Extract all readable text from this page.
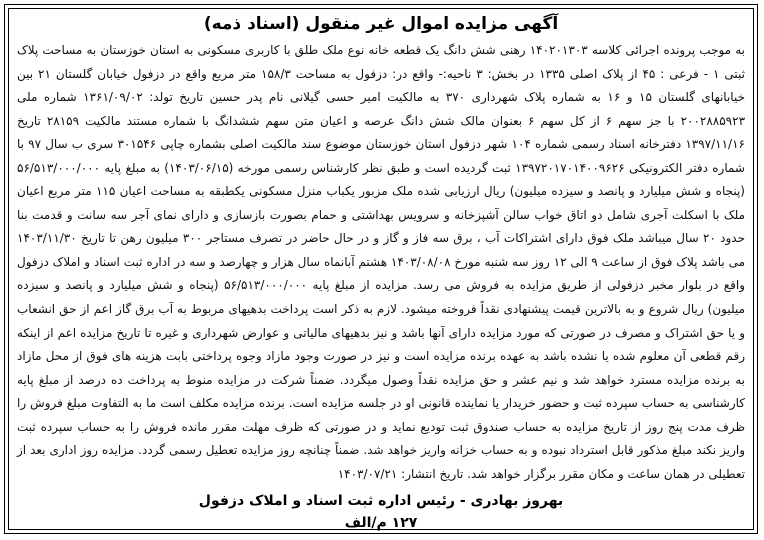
آگهی مزایده اموال غیر منقول (اسناد ذمه)
به موجب پرونده اجرائی کلاسه ۱۴۰۲۰۱۳۰۳ رهنی شش دانگ یک قطعه خانه نوع ملک طلق با کاربری مسکونی به استان خوزستان به مساحت پلاک ثبتی ۱ - فرعی : ۴۵ از پلاک اصلی ۱۳۳۵ در بخش: ۳ ناحیه:- واقع در: دزفول به مساحت ۱۵۸/۳ متر مربع واقع در دزفول خیابان گلستان ۲۱ بین خیابانهای گلستان ۱۵ و ۱۶ به شماره پلاک شهرداری ۳۷۰ به مالکیت امیر حسی گیلانی نام پدر حسین تاریخ تولد: ۱۳۶۱/۰۹/۰۲ شماره ملی ۲۰۰۲۸۸۵۹۲۳ با جز سهم ۶ از کل سهم ۶ بعنوان مالک شش دانگ عرصه و اعیان متن سهم ششدانگ با شماره مستند مالکیت ۲۸۱۵۹ تاریخ ۱۳۹۷/۱۱/۱۶ دفترخانه اسناد رسمی شماره ۱۰۴ شهر دزفول استان خوزستان موضوع سند مالکیت اصلی بشماره چاپی ۳۰۱۵۴۶ سری ب سال ۹۷ با شماره دفتر الکترونیکی ۱۳۹۷۲۰۱۷۰۱۴۰۰۹۶۲۶ ثبت گردیده است و طبق نظر کارشناس رسمی مورخه (۱۴۰۳/۰۶/۱۵) به مبلغ پایه ۵۶/۵۱۳/۰۰۰/۰۰۰ (پنجاه و شش میلیارد و پانصد و سیزده میلیون) ریال ارزیابی شده ملک مزبور یکباب منزل مسکونی یکطبقه به مساحت اعیان ۱۱۵ متر مربع اعیان ملک با اسکلت آجری شامل دو اتاق خواب سالن آشپزخانه و سرویس بهداشتی و حمام بصورت بازسازی و دارای نمای آجر سه سانت و قدمت بنا حدود ۲۰ سال میباشد ملک فوق دارای اشتراکات آب ، برق سه فاز و گاز و در حال حاضر در تصرف مستاجر ۳۰۰ میلیون رهن تا تاریخ ۱۴۰۳/۱۱/۳۰ می باشد پلاک فوق از ساعت ۹ الی ۱۲ روز سه شنبه مورخ ۱۴۰۳/۰۸/۰۸ هشتم آبانماه سال هزار و چهارصد و سه در اداره ثبت اسناد و املاک دزفول واقع در بلوار مخبر دزفولی از طریق مزایده به فروش می رسد. مزایده از مبلغ پایه ۵۶/۵۱۳/۰۰۰/۰۰۰ (پنجاه و شش میلیارد و پانصد و سیزده میلیون) ریال شروع و به بالاترین قیمت پیشنهادی نقداً فروخته میشود. لازم به ذکر است پرداخت بدهیهای مربوط به آب برق گاز اعم از حق انشعاب و یا حق اشتراک و مصرف در صورتی که مورد مزایده دارای آنها باشد و نیز بدهیهای مالیاتی و عوارض شهرداری و غیره تا تاریخ مزایده اعم از اینکه رقم قطعی آن معلوم شده یا نشده باشد به عهده برنده مزایده است و نیز در صورت وجود مازاد وجوه پرداختی بابت هزینه های فوق از محل مازاد به برنده مزایده مسترد خواهد شد و نیم عشر و حق مزایده نقداً وصول میگردد. ضمناً شرکت در مزایده منوط به پرداخت ده درصد از مبلغ پایه کارشناسی به حساب سپرده ثبت و حضور خریدار یا نماینده قانونی او در جلسه مزایده است. برنده مزایده مکلف است ما به التفاوت مبلغ فروش را ظرف مدت پنج روز از تاریخ مزایده به حساب صندوق ثبت تودیع نماید و در صورتی که ظرف مهلت مقرر مانده فروش را به حساب سپرده ثبت واریز نکند مبلغ مذکور قابل استرداد نبوده و به حساب خزانه واریز خواهد شد. ضمناً چنانچه روز مزایده تعطیل رسمی گردد. مزایده روز اداری بعد از تعطیلی در همان ساعت و مکان مقرر برگزار خواهد شد. تاریخ انتشار: ۱۴۰۳/۰۷/۲۱
بهروز بهادری - رئیس اداره ثبت اسناد و املاک دزفول
۱۲۷ م/الف
